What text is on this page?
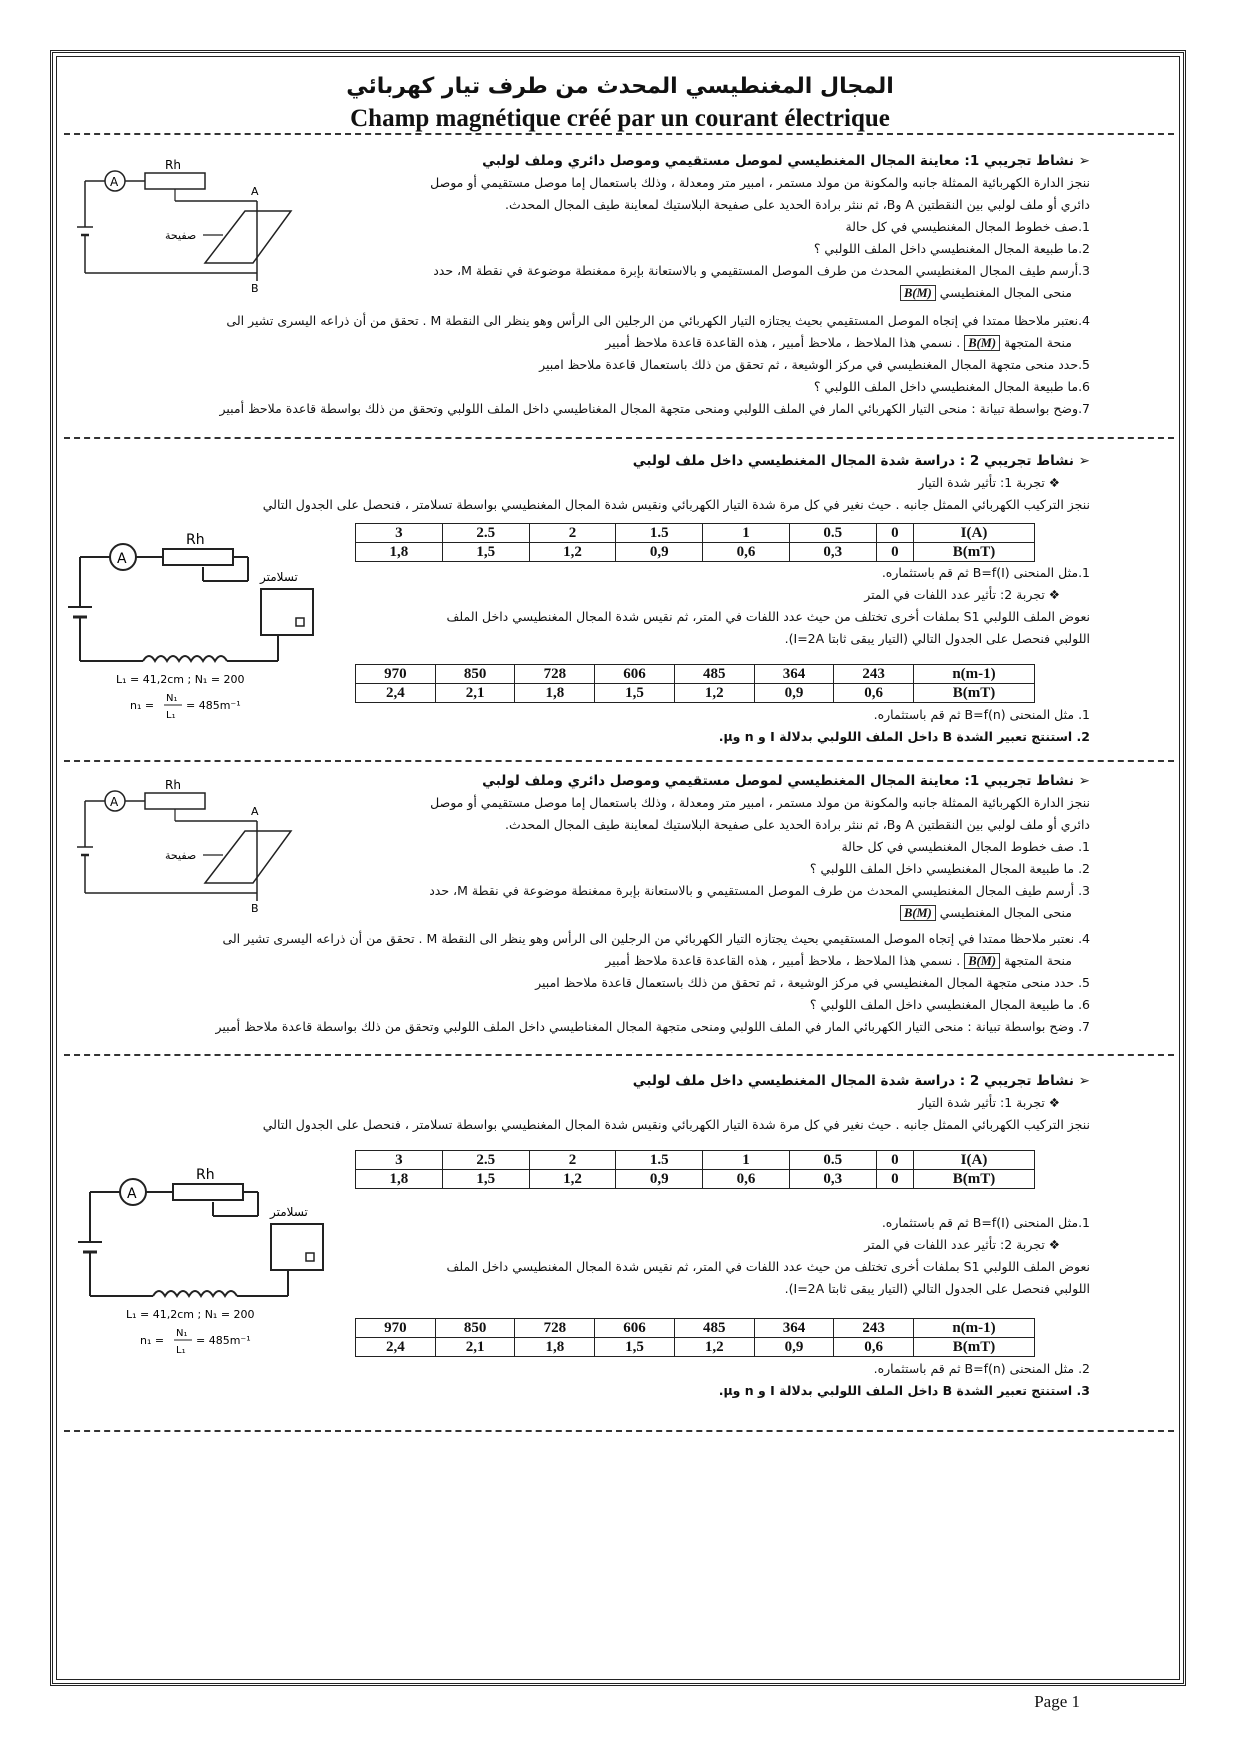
المجال المغنطيسي المحدث من طرف تيار كهربائي
Champ magnétique créé par un courant électrique

➢ نشاط تجريبي 1: معاينة المجال المغنطيسي لموصل مستقيمي وموصل دائري وملف لولبي

ننجز الدارة الكهربائية الممثلة جانبه والمكونة من مولد مستمر ، امبير متر ومعدلة ، وذلك باستعمال إما موصل مستقيمي أو موصل

دائري أو ملف لولبي بين النقطتين A وB، ثم ننثر برادة الحديد على صفيحة البلاستيك لمعاينة طيف المجال المحدث.

1.صف خطوط المجال المغنطيسي في كل حالة

2.ما طبيعة المجال المغنطيسي داخل الملف اللولبي ؟

3.أرسم طيف المجال المغنطيسي المحدث من طرف الموصل المستقيمي و بالاستعانة بإبرة ممغنطة موضوعة في نقطة M، حدد

منحى المجال المغنطيسي B(M)

4.نعتبر ملاحظا ممتدا في إتجاه الموصل المستقيمي بحيث يجتازه التيار الكهربائي من الرجلين الى الرأس وهو ينظر الى النقطة M . تحقق من أن ذراعه اليسرى تشير الى

منحة المتجهة B(M) . نسمي هذا الملاحظ ، ملاحظ أمبير ، هذه القاعدة قاعدة ملاحظ أمبير

5.حدد منحى متجهة المجال المغنطيسي في مركز الوشيعة ، ثم تحقق من ذلك باستعمال قاعدة ملاحظ امبير

6.ما طبيعة المجال المغنطيسي داخل الملف اللولبي ؟

7.وضح بواسطة تبيانة : منحى التيار الكهربائي المار في الملف اللولبي ومنحى متجهة المجال المغناطيسي داخل الملف اللولبي وتحقق من ذلك بواسطة قاعدة ملاحظ أمبير

Rh
A
A
B
صفيحة

➢ نشاط تجريبي 2 : دراسة شدة المجال المغنطيسي داخل ملف لولبي

❖ تجربة 1: تأثير شدة التيار

ننجز التركيب الكهربائي الممثل جانبه . حيث نغير في كل مرة شدة التيار الكهربائي ونقيس شدة المجال المغنطيسي بواسطة تسلامتر ، فنحصل على الجدول التالي

I(A)	0	0.5	1	1.5	2	2.5	3
B(mT)	0	0,3	0,6	0,9	1,2	1,5	1,8

1.مثل المنحنى B=f(I) ثم قم باستثماره.

❖ تجربة 2: تأثير عدد اللفات في المتر

نعوض الملف اللولبي S1 بملفات أخرى تختلف من حيث عدد اللفات في المتر، ثم نقيس شدة المجال المغنطيسي داخل الملف

اللولبي فنحصل على الجدول التالي (التيار يبقى ثابتا I=2A).

n(m-1)	243	364	485	606	728	850	970
B(mT)	0,6	0,9	1,2	1,5	1,8	2,1	2,4

1. مثل المنحنى B=f(n) ثم قم باستثماره.

2. استنتج تعبير الشدة B داخل الملف اللولبي بدلالة I و n وµ.

A
Rh
تسلامتر
L₁ = 41,2cm ; N₁ = 200
n₁ =
N₁
L₁
= 485m⁻¹

➢ نشاط تجريبي 1: معاينة المجال المغنطيسي لموصل مستقيمي وموصل دائري وملف لولبي

ننجز الدارة الكهربائية الممثلة جانبه والمكونة من مولد مستمر ، امبير متر ومعدلة ، وذلك باستعمال إما موصل مستقيمي أو موصل

دائري أو ملف لولبي بين النقطتين A وB، ثم ننثر برادة الحديد على صفيحة البلاستيك لمعاينة طيف المجال المحدث.

1. صف خطوط المجال المغنطيسي في كل حالة

2. ما طبيعة المجال المغنطيسي داخل الملف اللولبي ؟

3. أرسم طيف المجال المغنطيسي المحدث من طرف الموصل المستقيمي و بالاستعانة بإبرة ممغنطة موضوعة في نقطة M، حدد

منحى المجال المغنطيسي B(M)

4. نعتبر ملاحظا ممتدا في إتجاه الموصل المستقيمي بحيث يجتازه التيار الكهربائي من الرجلين الى الرأس وهو ينظر الى النقطة M . تحقق من أن ذراعه اليسرى تشير الى

منحة المتجهة B(M) . نسمي هذا الملاحظ ، ملاحظ أمبير ، هذه القاعدة قاعدة ملاحظ أمبير

5. حدد منحى متجهة المجال المغنطيسي في مركز الوشيعة ، ثم تحقق من ذلك باستعمال قاعدة ملاحظ امبير

6. ما طبيعة المجال المغنطيسي داخل الملف اللولبي ؟

7. وضح بواسطة تبيانة : منحى التيار الكهربائي المار في الملف اللولبي ومنحى متجهة المجال المغناطيسي داخل الملف اللولبي وتحقق من ذلك بواسطة قاعدة ملاحظ أمبير

Rh
A
A
B
صفيحة

➢ نشاط تجريبي 2 : دراسة شدة المجال المغنطيسي داخل ملف لولبي

❖ تجربة 1: تأثير شدة التيار

ننجز التركيب الكهربائي الممثل جانبه . حيث نغير في كل مرة شدة التيار الكهربائي ونقيس شدة المجال المغنطيسي بواسطة تسلامتر ، فنحصل على الجدول التالي

I(A)	0	0.5	1	1.5	2	2.5	3
B(mT)	0	0,3	0,6	0,9	1,2	1,5	1,8

1.مثل المنحنى B=f(I) ثم قم باستثماره.

❖ تجربة 2: تأثير عدد اللفات في المتر

نعوض الملف اللولبي S1 بملفات أخرى تختلف من حيث عدد اللفات في المتر، ثم نقيس شدة المجال المغنطيسي داخل الملف

اللولبي فنحصل على الجدول التالي (التيار يبقى ثابتا I=2A).

n(m-1)	243	364	485	606	728	850	970
B(mT)	0,6	0,9	1,2	1,5	1,8	2,1	2,4

2. مثل المنحنى B=f(n) ثم قم باستثماره.

3. استنتج تعبير الشدة B داخل الملف اللولبي بدلالة I و n وµ.

A
Rh
تسلامتر
L₁ = 41,2cm ; N₁ = 200
n₁ =
N₁
L₁
= 485m⁻¹
Page 1
